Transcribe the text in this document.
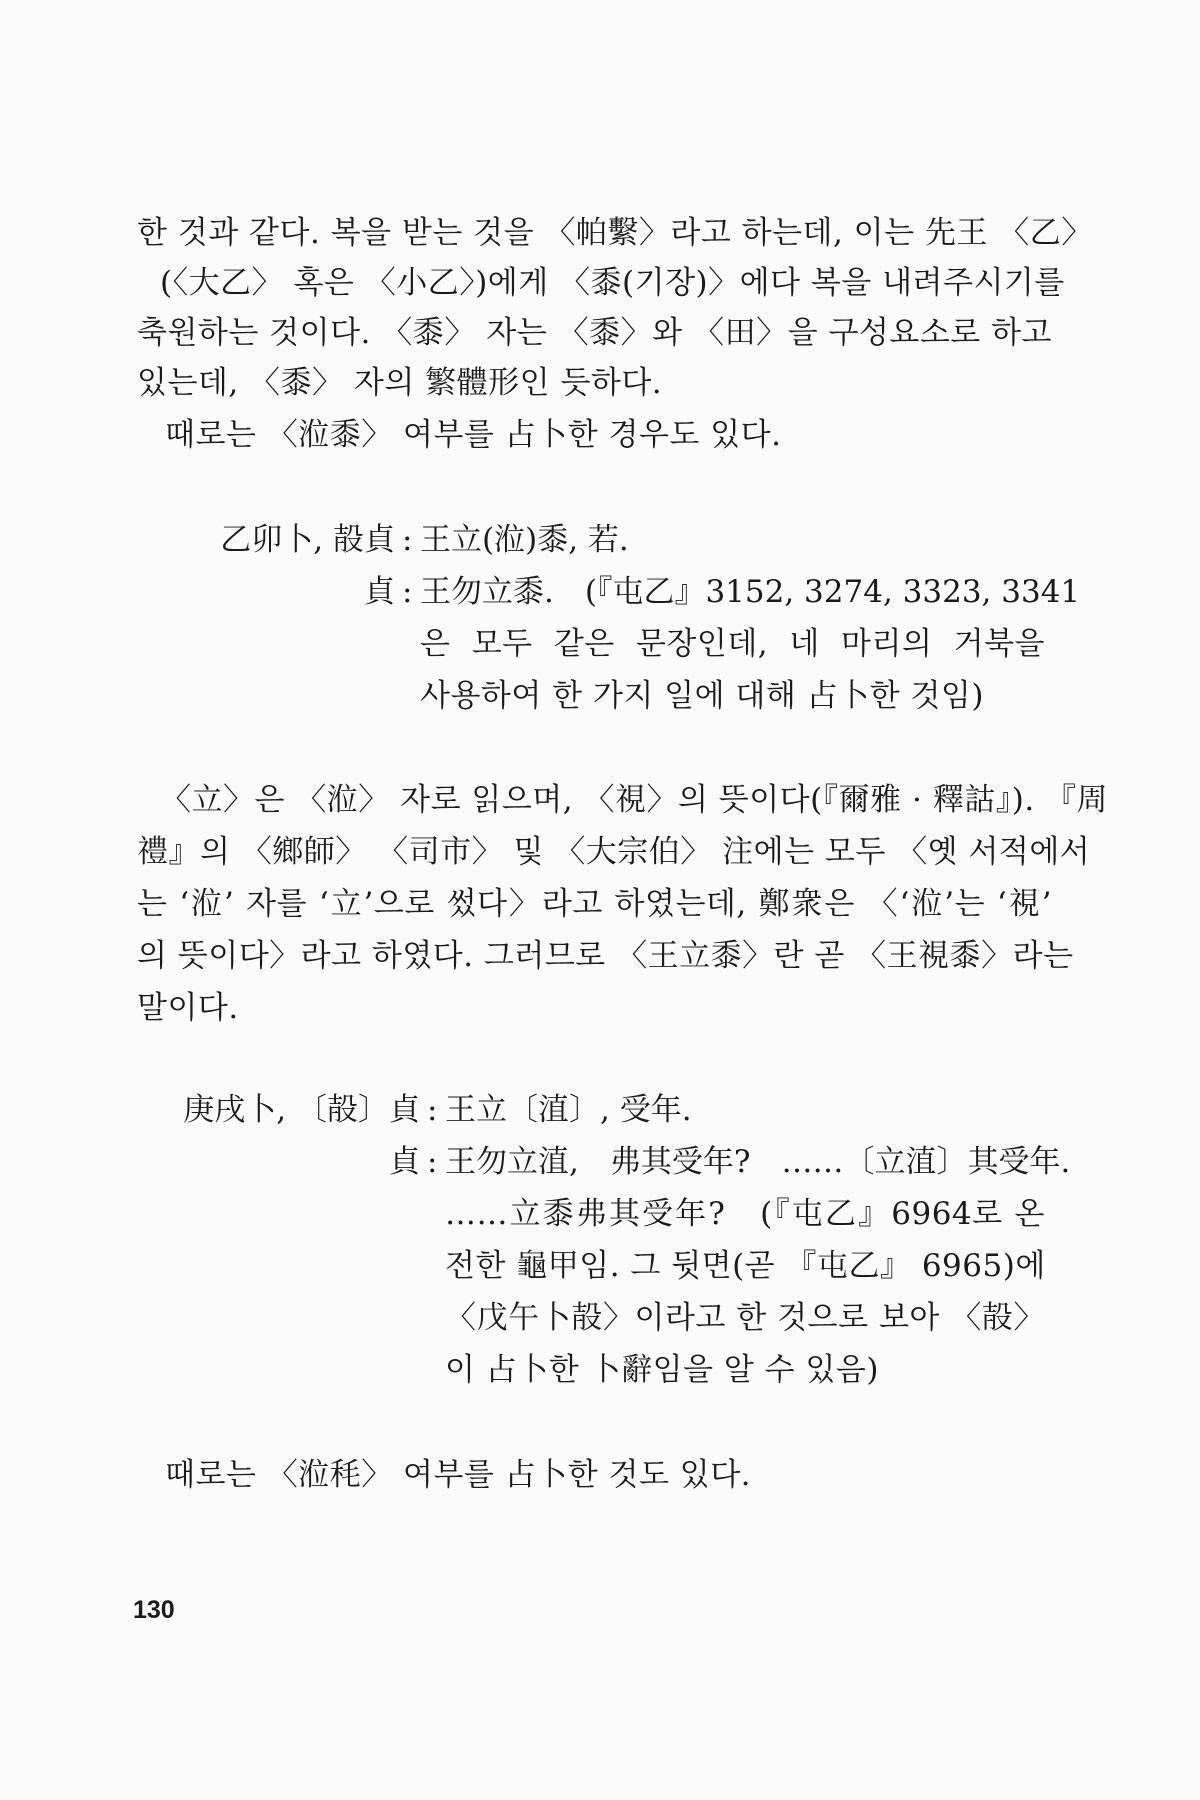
한 것과 같다. 복을 받는 것을 〈帕繫〉라고 하는데, 이는 先王 〈乙〉
(〈大乙〉 혹은 〈小乙〉)에게 〈黍(기장)〉에다 복을 내려주시기를
축원하는 것이다. 〈黍〉 자는 〈黍〉와 〈田〉을 구성요소로 하고
있는데, 〈黍〉 자의 繁體形인 듯하다.
때로는 〈涖黍〉 여부를 占卜한 경우도 있다.
乙卯卜, 㱿貞 : 王立(涖)黍, 若.
貞 : 王勿立黍.　(『屯乙』3152, 3274, 3323, 3341
은 모두 같은 문장인데, 네 마리의 거북을
사용하여 한 가지 일에 대해 占卜한 것임)
〈立〉은 〈涖〉 자로 읽으며, 〈視〉의 뜻이다(『爾雅 · 釋詁』). 『周
禮』의 〈鄉師〉 〈司市〉 및 〈大宗伯〉 注에는 모두 〈옛 서적에서
는 ‘涖’ 자를 ‘立’으로 썼다〉라고 하였는데, 鄭衆은 〈‘涖’는 ‘視’
의 뜻이다〉라고 하였다. 그러므로 〈王立黍〉란 곧 〈王視黍〉라는
말이다.
庚戌卜, 〔㱿〕貞 : 王立〔淔〕, 受年.
貞 : 王勿立淔,　弗其受年?　……〔立淔〕其受年.
……立黍弗其受年?　(『屯乙』6964로 온
전한 龜甲임. 그 뒷면(곧 『屯乙』 6965)에
〈戊午卜㱿〉이라고 한 것으로 보아 〈㱿〉
이 占卜한 卜辭임을 알 수 있음)
때로는 〈涖秏〉 여부를 占卜한 것도 있다.
130
